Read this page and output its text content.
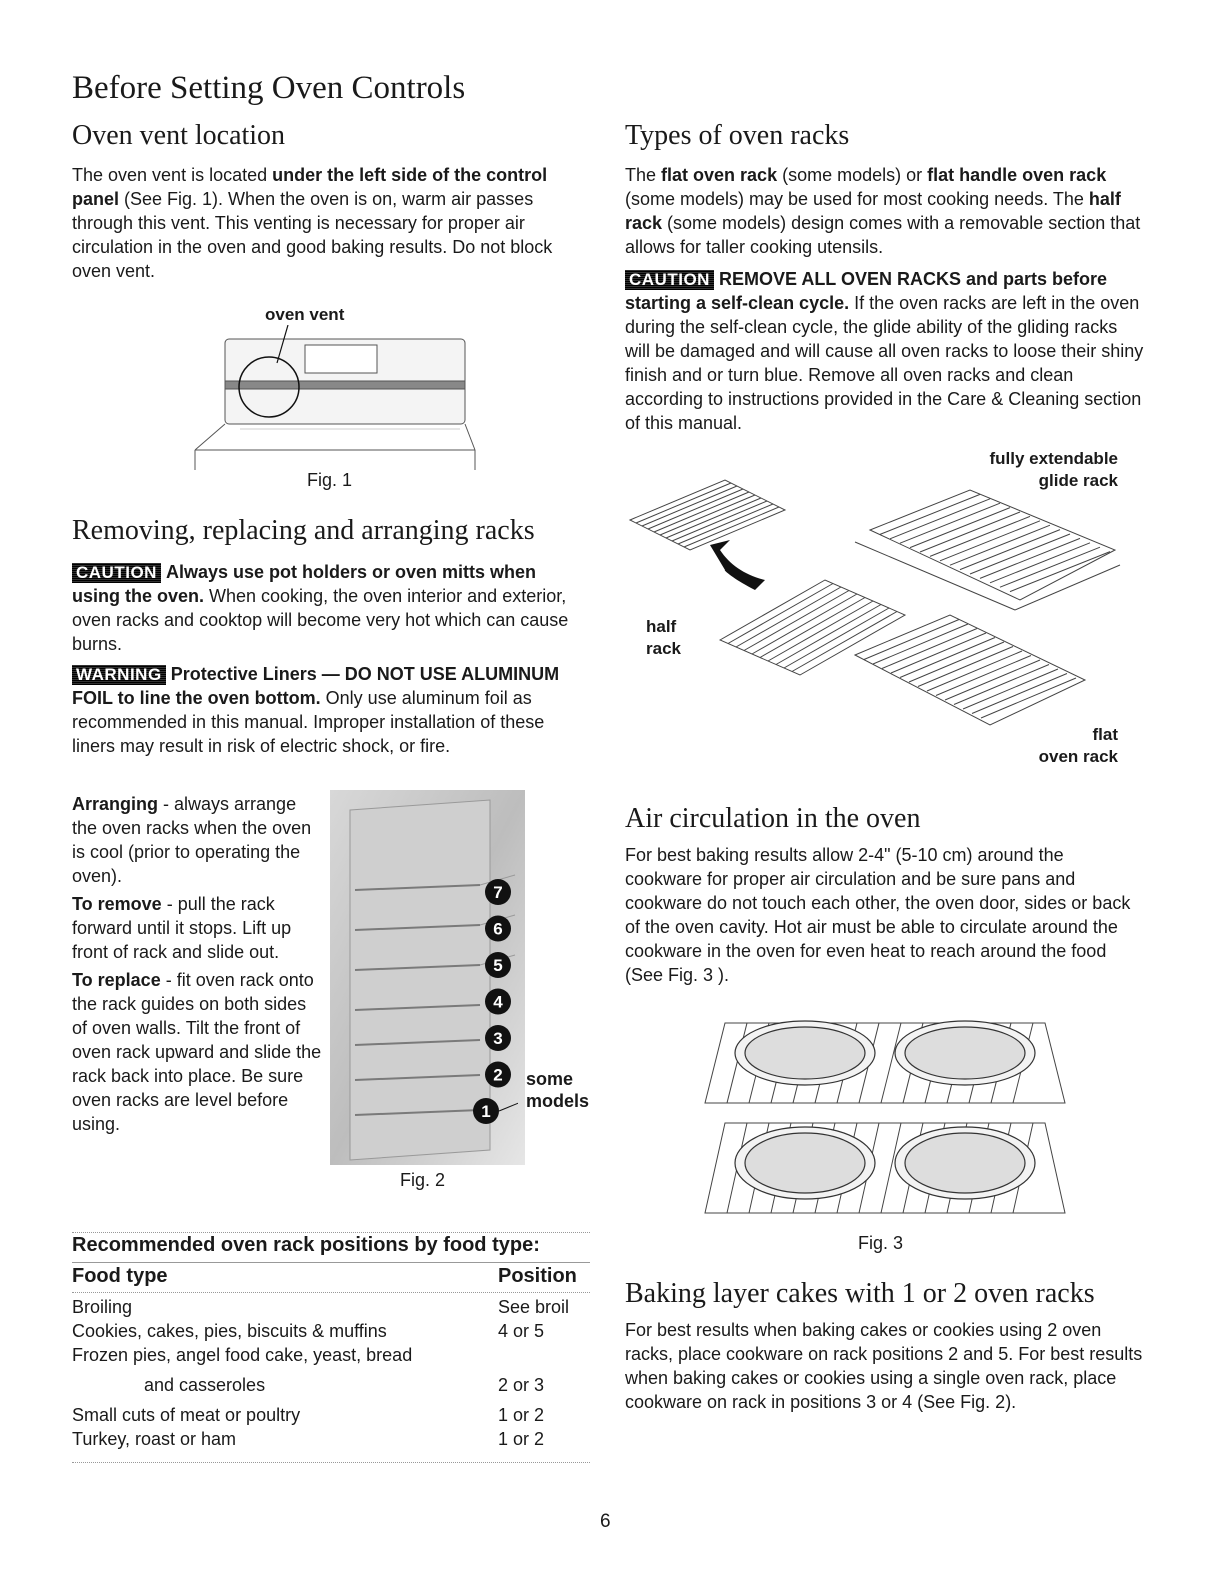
Before Setting Oven Controls
Oven vent location
The oven vent is located under the left side of the control panel (See Fig. 1). When the oven is on, warm air passes through this vent. This venting is necessary for proper air circulation in the oven and good baking results. Do not block oven vent.
oven vent
Fig. 1
Removing, replacing and arranging racks
CAUTION Always use pot holders or oven mitts when using the oven. When cooking, the oven interior and exterior, oven racks and cooktop will become very hot which can cause burns.
WARNING Protective Liners — DO NOT USE ALUMINUM FOIL to line the oven bottom. Only use aluminum foil as recommended in this manual. Improper installation of these liners may result in risk of electric shock, or fire.
Arranging - always arrange the oven racks when the oven is cool (prior to operating the oven).
To remove - pull the rack forward until it stops. Lift up front of rack and slide out.
To replace - fit oven rack onto the rack guides on both sides of oven walls. Tilt the front of oven rack upward and slide the rack back into place. Be sure oven racks are level before using.
7
6
5
4
3
2
1
some
models
Fig. 2
Recommended oven rack positions by food type:
Food type	Position
Broiling	See broil
Cookies, cakes, pies, biscuits & muffins	4 or 5
Frozen pies, angel food cake, yeast, bread	
and casseroles	2 or 3
Small cuts of meat or poultry	1 or 2
Turkey, roast or ham	1 or 2
Types of oven racks
The flat oven rack (some models) or flat handle oven rack (some models) may be used for most cooking needs. The half rack (some models) design comes with a removable section that allows for taller cooking utensils.
CAUTION REMOVE ALL OVEN RACKS and parts before starting a self-clean cycle. If the oven racks are left in the oven during the self-clean cycle, the glide ability of the gliding racks will be damaged and will cause all oven racks to loose their shiny finish and or turn blue. Remove all oven racks and clean according to instructions provided in the Care & Cleaning section of this manual.
fully extendable
glide rack
half
rack
flat
oven rack
Air circulation in the oven
For best baking results allow 2-4" (5-10 cm) around the cookware for proper air circulation and be sure pans and cookware do not touch each other, the oven door, sides or back of the oven cavity. Hot air must be able to circulate around the cookware in the oven for even heat to reach around the food (See Fig. 3 ).
Fig. 3
Baking layer cakes with 1 or 2 oven racks
For best results when baking cakes or cookies using 2 oven racks, place cookware on rack positions 2 and 5. For best results when baking cakes or cookies using a single oven rack, place cookware on rack in positions 3 or 4 (See Fig. 2).
6
